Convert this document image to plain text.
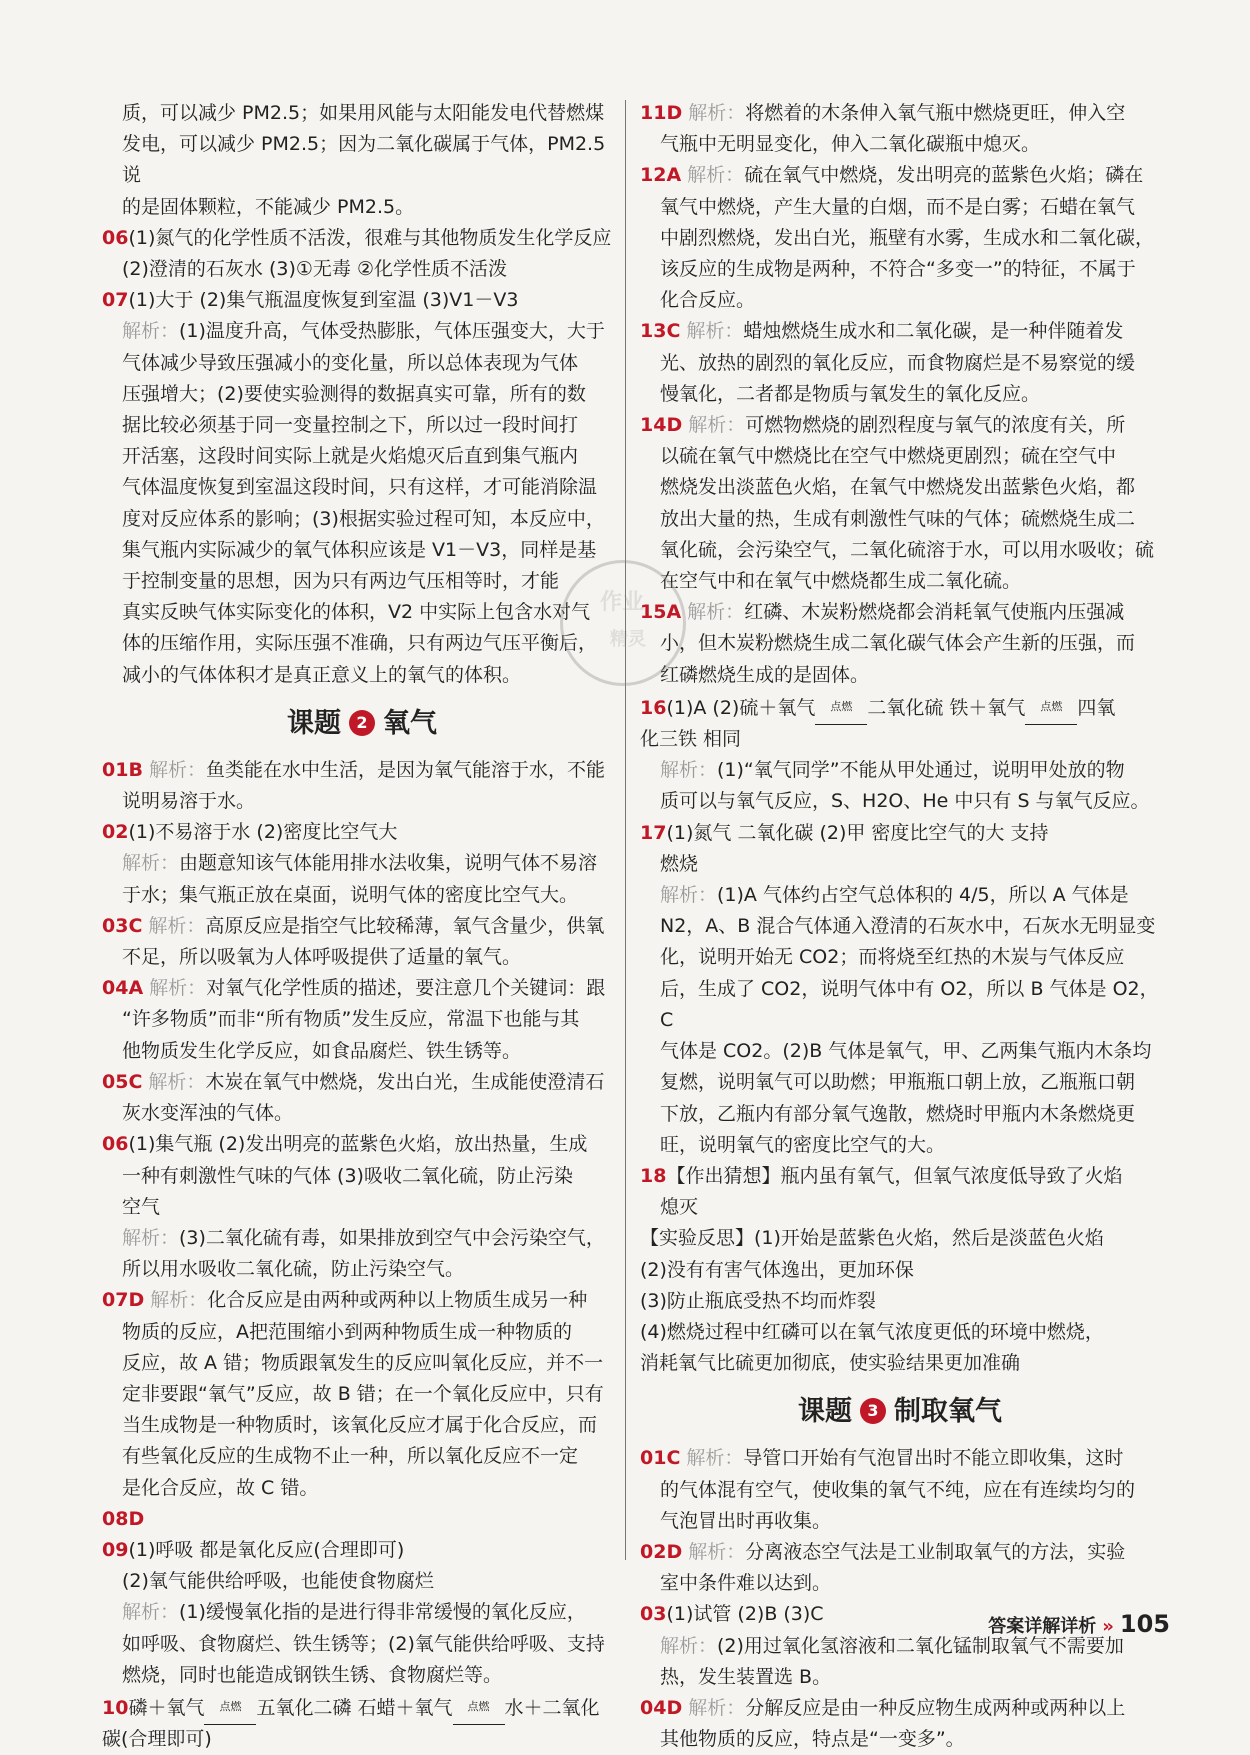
质，可以减少 PM2.5；如果用风能与太阳能发电代替燃煤
发电，可以减少 PM2.5；因为二氧化碳属于气体，PM2.5 说
的是固体颗粒，不能减少 PM2.5。
06(1)氮气的化学性质不活泼，很难与其他物质发生化学反应
(2)澄清的石灰水 (3)①无毒 ②化学性质不活泼
07(1)大于 (2)集气瓶温度恢复到室温 (3)V1－V3
解析：(1)温度升高，气体受热膨胀，气体压强变大，大于
气体减少导致压强减小的变化量，所以总体表现为气体
压强增大；(2)要使实验测得的数据真实可靠，所有的数
据比较必须基于同一变量控制之下，所以过一段时间打
开活塞，这段时间实际上就是火焰熄灭后直到集气瓶内
气体温度恢复到室温这段时间，只有这样，才可能消除温
度对反应体系的影响；(3)根据实验过程可知，本反应中，
集气瓶内实际减少的氧气体积应该是 V1－V3，同样是基
于控制变量的思想，因为只有两边气压相等时，才能
真实反映气体实际变化的体积，V2 中实际上包含水对气
体的压缩作用，实际压强不准确，只有两边气压平衡后，
减小的气体体积才是真正意义上的氧气的体积。
课题 2 氧气
01B 解析：鱼类能在水中生活，是因为氧气能溶于水，不能
说明易溶于水。
02(1)不易溶于水 (2)密度比空气大
解析：由题意知该气体能用排水法收集，说明气体不易溶
于水；集气瓶正放在桌面，说明气体的密度比空气大。
03C 解析：高原反应是指空气比较稀薄，氧气含量少，供氧
不足，所以吸氧为人体呼吸提供了适量的氧气。
04A 解析：对氧气化学性质的描述，要注意几个关键词：跟
“许多物质”而非“所有物质”发生反应，常温下也能与其
他物质发生化学反应，如食品腐烂、铁生锈等。
05C 解析：木炭在氧气中燃烧，发出白光，生成能使澄清石
灰水变浑浊的气体。
06(1)集气瓶 (2)发出明亮的蓝紫色火焰，放出热量，生成
一种有刺激性气味的气体 (3)吸收二氧化硫，防止污染
空气
解析：(3)二氧化硫有毒，如果排放到空气中会污染空气，
所以用水吸收二氧化硫，防止污染空气。
07D 解析：化合反应是由两种或两种以上物质生成另一种
物质的反应，A把范围缩小到两种物质生成一种物质的
反应，故 A 错；物质跟氧发生的反应叫氧化反应，并不一
定非要跟“氧气”反应，故 B 错；在一个氧化反应中，只有
当生成物是一种物质时，该氧化反应才属于化合反应，而
有些氧化反应的生成物不止一种，所以氧化反应不一定
是化合反应，故 C 错。
08D
09(1)呼吸 都是氧化反应(合理即可)
(2)氧气能供给呼吸，也能使食物腐烂
解析：(1)缓慢氧化指的是进行得非常缓慢的氧化反应，
如呼吸、食物腐烂、铁生锈等；(2)氧气能供给呼吸、支持
燃烧，同时也能造成钢铁生锈、食物腐烂等。
10磷＋氧气 点燃 五氧化二磷 石蜡＋氧气 点燃 水＋二氧化
碳(合理即可)
11D 解析：将燃着的木条伸入氧气瓶中燃烧更旺，伸入空
气瓶中无明显变化，伸入二氧化碳瓶中熄灭。
12A 解析：硫在氧气中燃烧，发出明亮的蓝紫色火焰；磷在
氧气中燃烧，产生大量的白烟，而不是白雾；石蜡在氧气
中剧烈燃烧，发出白光，瓶壁有水雾，生成水和二氧化碳，
该反应的生成物是两种，不符合“多变一”的特征，不属于
化合反应。
13C 解析：蜡烛燃烧生成水和二氧化碳，是一种伴随着发
光、放热的剧烈的氧化反应，而食物腐烂是不易察觉的缓
慢氧化，二者都是物质与氧发生的氧化反应。
14D 解析：可燃物燃烧的剧烈程度与氧气的浓度有关，所
以硫在氧气中燃烧比在空气中燃烧更剧烈；硫在空气中
燃烧发出淡蓝色火焰，在氧气中燃烧发出蓝紫色火焰，都
放出大量的热，生成有刺激性气味的气体；硫燃烧生成二
氧化硫，会污染空气，二氧化硫溶于水，可以用水吸收；硫
在空气中和在氧气中燃烧都生成二氧化硫。
15A 解析：红磷、木炭粉燃烧都会消耗氧气使瓶内压强减
小，但木炭粉燃烧生成二氧化碳气体会产生新的压强，而
红磷燃烧生成的是固体。
16(1)A (2)硫＋氧气 点燃 二氧化硫 铁＋氧气 点燃 四氧
化三铁 相同
解析：(1)“氧气同学”不能从甲处通过，说明甲处放的物
质可以与氧气反应，S、H2O、He 中只有 S 与氧气反应。
17(1)氮气 二氧化碳 (2)甲 密度比空气的大 支持
燃烧
解析：(1)A 气体约占空气总体积的 4/5，所以 A 气体是
N2，A、B 混合气体通入澄清的石灰水中，石灰水无明显变
化，说明开始无 CO2；而将烧至红热的木炭与气体反应
后，生成了 CO2，说明气体中有 O2，所以 B 气体是 O2，C
气体是 CO2。(2)B 气体是氧气，甲、乙两集气瓶内木条均
复燃，说明氧气可以助燃；甲瓶瓶口朝上放，乙瓶瓶口朝
下放，乙瓶内有部分氧气逸散，燃烧时甲瓶内木条燃烧更
旺，说明氧气的密度比空气的大。
18【作出猜想】瓶内虽有氧气，但氧气浓度低导致了火焰
熄灭
【实验反思】(1)开始是蓝紫色火焰，然后是淡蓝色火焰
(2)没有有害气体逸出，更加环保
(3)防止瓶底受热不均而炸裂
(4)燃烧过程中红磷可以在氧气浓度更低的环境中燃烧，
消耗氧气比硫更加彻底，使实验结果更加准确
课题 3 制取氧气
01C 解析：导管口开始有气泡冒出时不能立即收集，这时
的气体混有空气，使收集的氧气不纯，应在有连续均匀的
气泡冒出时再收集。
02D 解析：分离液态空气法是工业制取氧气的方法，实验
室中条件难以达到。
03(1)试管 (2)B (3)C
解析：(2)用过氧化氢溶液和二氧化锰制取氧气不需要加
热，发生装置选 B。
04D 解析：分解反应是由一种反应物生成两种或两种以上
其他物质的反应，特点是“一变多”。
作业
精灵
答案详解详析 » 105
